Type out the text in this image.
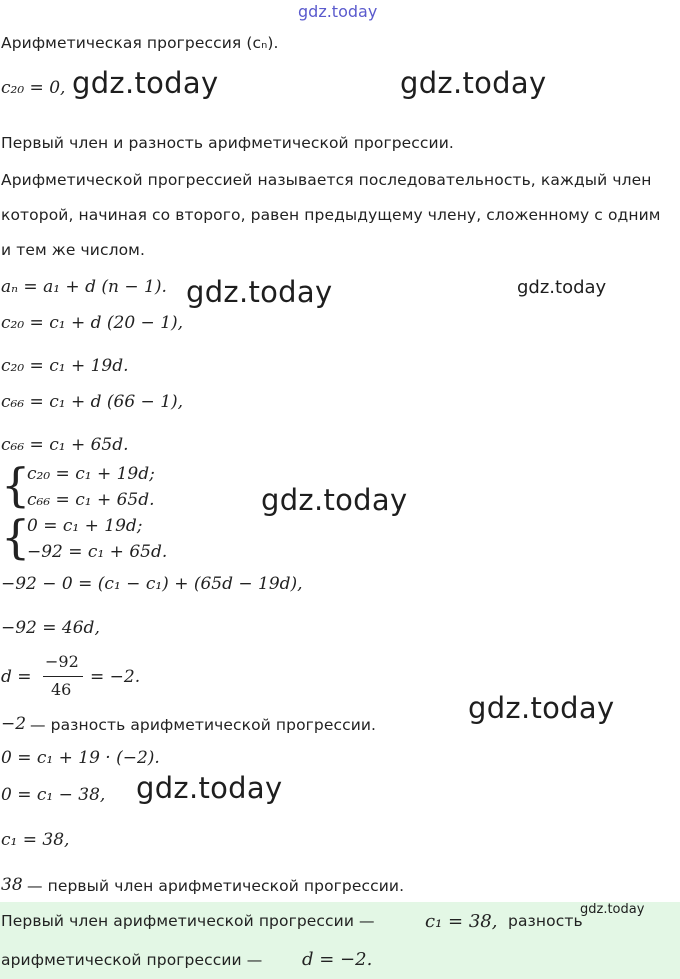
gdz.today
gdz.today	gdz.today
gdz.today	gdz.today
gdz.today
gdz.today
gdz.today
Арифметическая прогрессия (cₙ).
c₂₀ = 0,
Первый член и разность арифметической прогрессии.
Арифметической прогрессией называется последовательность, каждый член
которой, начиная со второго, равен предыдущему члену, сложенному с одним
и тем же числом.
aₙ = a₁ + d (n − 1).
c₂₀ = c₁ + d (20 − 1),
c₂₀ = c₁ + 19d.
c₆₆ = c₁ + d (66 − 1),
c₆₆ = c₁ + 65d.
{
c₂₀ = c₁ + 19d;
c₆₆ = c₁ + 65d.
{
0 = c₁ + 19d;
−92 = c₁ + 65d.
−92 − 0 = (c₁ − c₁) + (65d − 19d),
−92 = 46d,
d =
−92
46
= −2.
−2 — разность арифметической прогрессии.
0 = c₁ + 19 · (−2).
0 = c₁ − 38,
c₁ = 38,
38 — первый член арифметической прогрессии.
gdz.today
Первый член арифметической прогрессии —	c₁ = 38, разность
арифметической прогрессии — d = −2.
